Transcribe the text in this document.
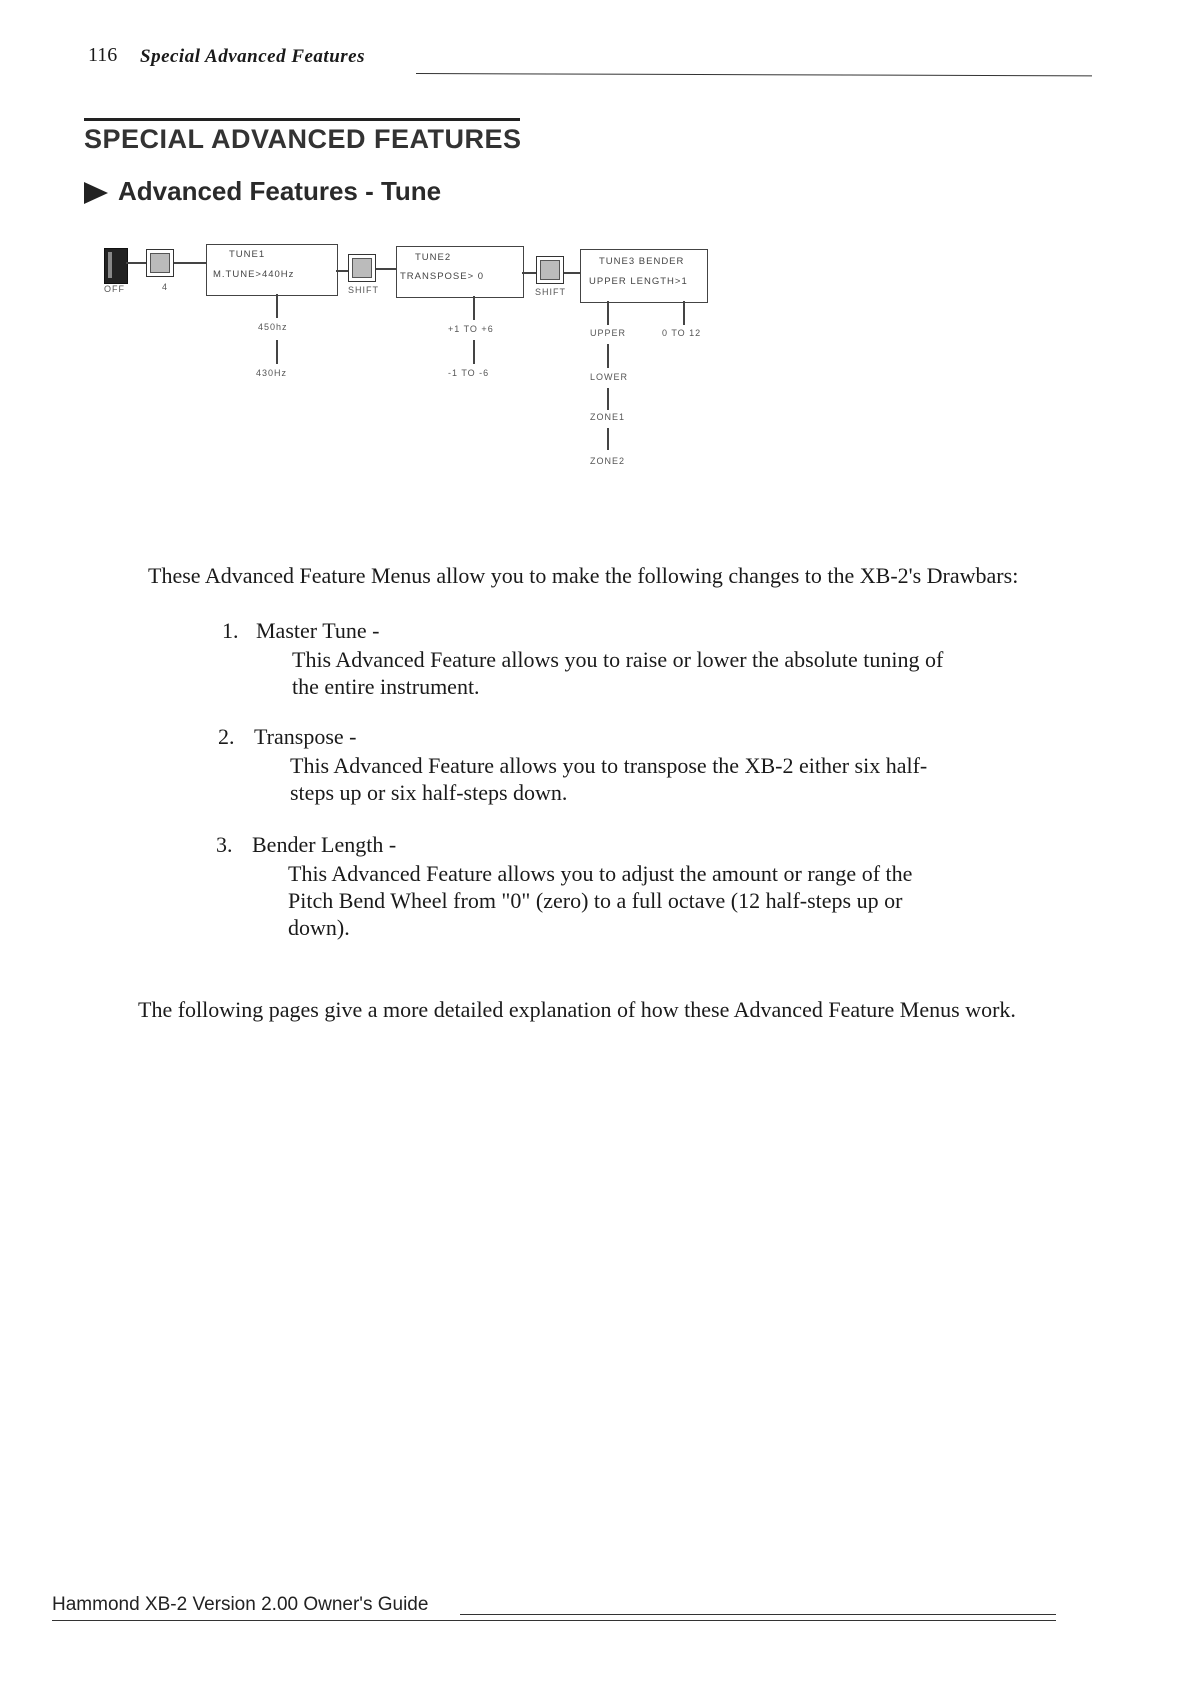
116 Special Advanced Features
SPECIAL ADVANCED FEATURES
Advanced Features - Tune
OFF	4
TUNE1
M.TUNE>440Hz
SHIFT
TUNE2
TRANSPOSE> 0
SHIFT
TUNE3 BENDER
UPPER LENGTH>1
450hz
430Hz
+1 TO +6
-1 TO -6
UPPER
LOWER
ZONE1
ZONE2
0 TO 12
These Advanced Feature Menus allow you to make the following changes to the XB-2's Drawbars:
1. Master Tune -
This Advanced Feature allows you to raise or lower the absolute tuning of
the entire instrument.
2. Transpose -
This Advanced Feature allows you to transpose the XB-2 either six half-
steps up or six half-steps down.
3. Bender Length -
This Advanced Feature allows you to adjust the amount or range of the
Pitch Bend Wheel from "0" (zero) to a full octave (12 half-steps up or
down).
The following pages give a more detailed explanation of how these Advanced Feature Menus work.
Hammond XB-2 Version 2.00 Owner's Guide
